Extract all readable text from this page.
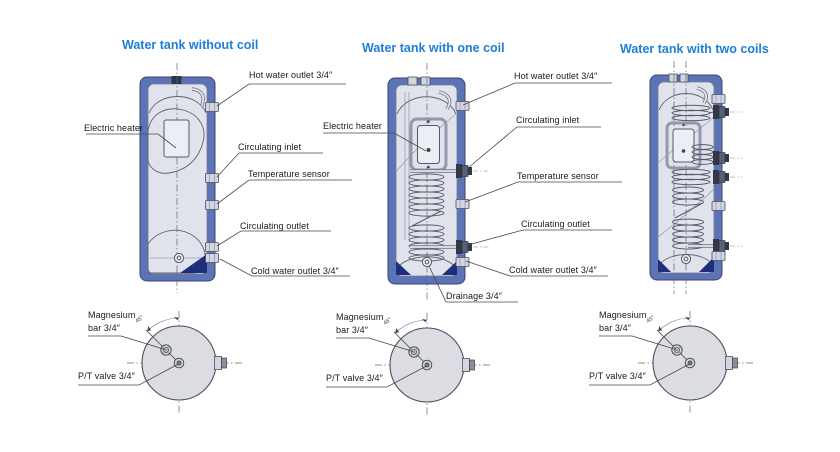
Water tank without coil	Water tank with one coil	Water tank with two coils
Electric heater
Hot water outlet 3/4″
Circulating inlet
Temperature sensor
Circulating outlet
Cold water outlet 3/4″
Electric heater
Hot water outlet 3/4″
Circulating inlet
Temperature sensor
Circulating outlet
Cold water outlet 3/4″
Drainage 3/4″
Magnesium
bar 3/4″
P/T valve 3/4″
Magnesium
bar 3/4″
P/T valve 3/4″
Magnesium
bar 3/4″
P/T valve 3/4″
